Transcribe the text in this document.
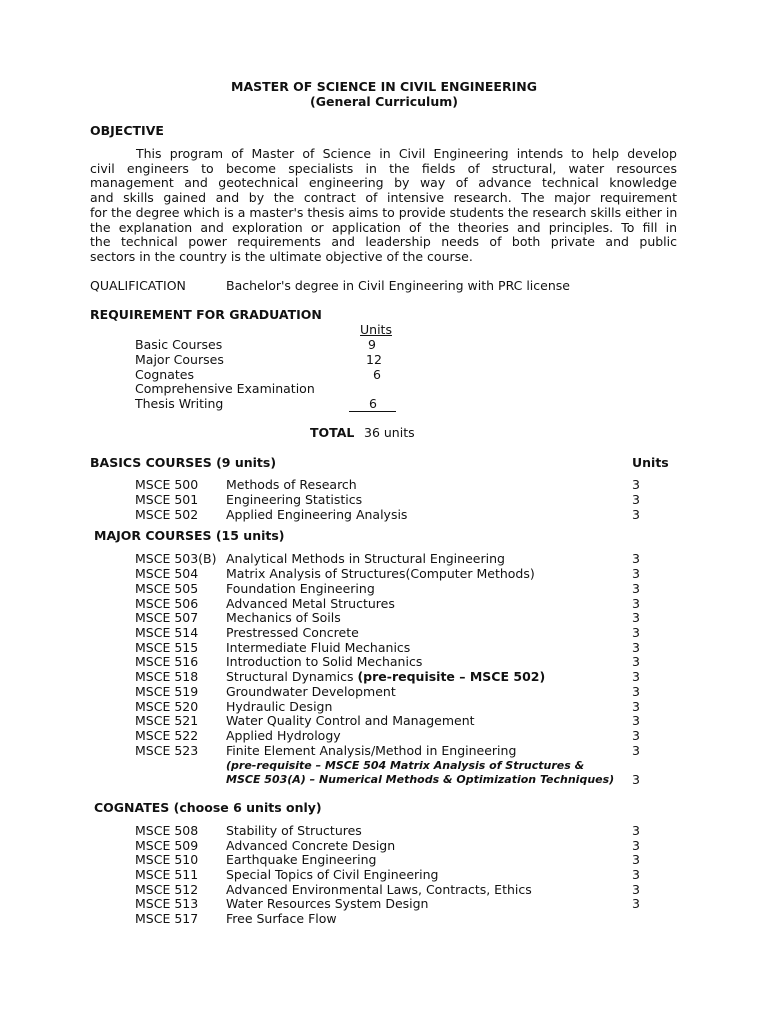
MASTER OF SCIENCE IN CIVIL ENGINEERING
(General Curriculum)
OBJECTIVE
This program of Master of Science in Civil Engineering intends to help develop
civil engineers to become specialists in the fields of structural, water resources
management and geotechnical engineering by way of advance technical knowledge
and skills gained and by the contract of intensive research. The major requirement
for the degree which is a master's thesis aims to provide students the research skills either in
the explanation and exploration or application of the theories and principles. To fill in
the technical power requirements and leadership needs of both private and public
sectors in the country is the ultimate objective of the course.
QUALIFICATION	Bachelor's degree in Civil Engineering with PRC license
REQUIREMENT FOR GRADUATION
Units
Basic Courses	9
Major Courses	12
Cognates	6
Comprehensive Examination
Thesis Writing	6
TOTAL 36 units
BASICS COURSES (9 units)	Units
MSCE 500 Methods of Research	3
MSCE 501 Engineering Statistics	3
MSCE 502 Applied Engineering Analysis	3
MAJOR COURSES (15 units)
MSCE 503(B) Analytical Methods in Structural Engineering	3
MSCE 504 Matrix Analysis of Structures(Computer Methods)	3
MSCE 505 Foundation Engineering	3
MSCE 506 Advanced Metal Structures	3
MSCE 507 Mechanics of Soils	3
MSCE 514 Prestressed Concrete	3
MSCE 515 Intermediate Fluid Mechanics	3
MSCE 516 Introduction to Solid Mechanics	3
MSCE 518 Structural Dynamics (pre-requisite – MSCE 502)	3
MSCE 519 Groundwater Development	3
MSCE 520 Hydraulic Design	3
MSCE 521 Water Quality Control and Management	3
MSCE 522 Applied Hydrology	3
MSCE 523 Finite Element Analysis/Method in Engineering	3
(pre-requisite – MSCE 504 Matrix Analysis of Structures &
MSCE 503(A) – Numerical Methods & Optimization Techniques) 3
COGNATES (choose 6 units only)
MSCE 508 Stability of Structures	3
MSCE 509 Advanced Concrete Design	3
MSCE 510 Earthquake Engineering	3
MSCE 511 Special Topics of Civil Engineering	3
MSCE 512 Advanced Environmental Laws, Contracts, Ethics	3
MSCE 513 Water Resources System Design	3
MSCE 517 Free Surface Flow
